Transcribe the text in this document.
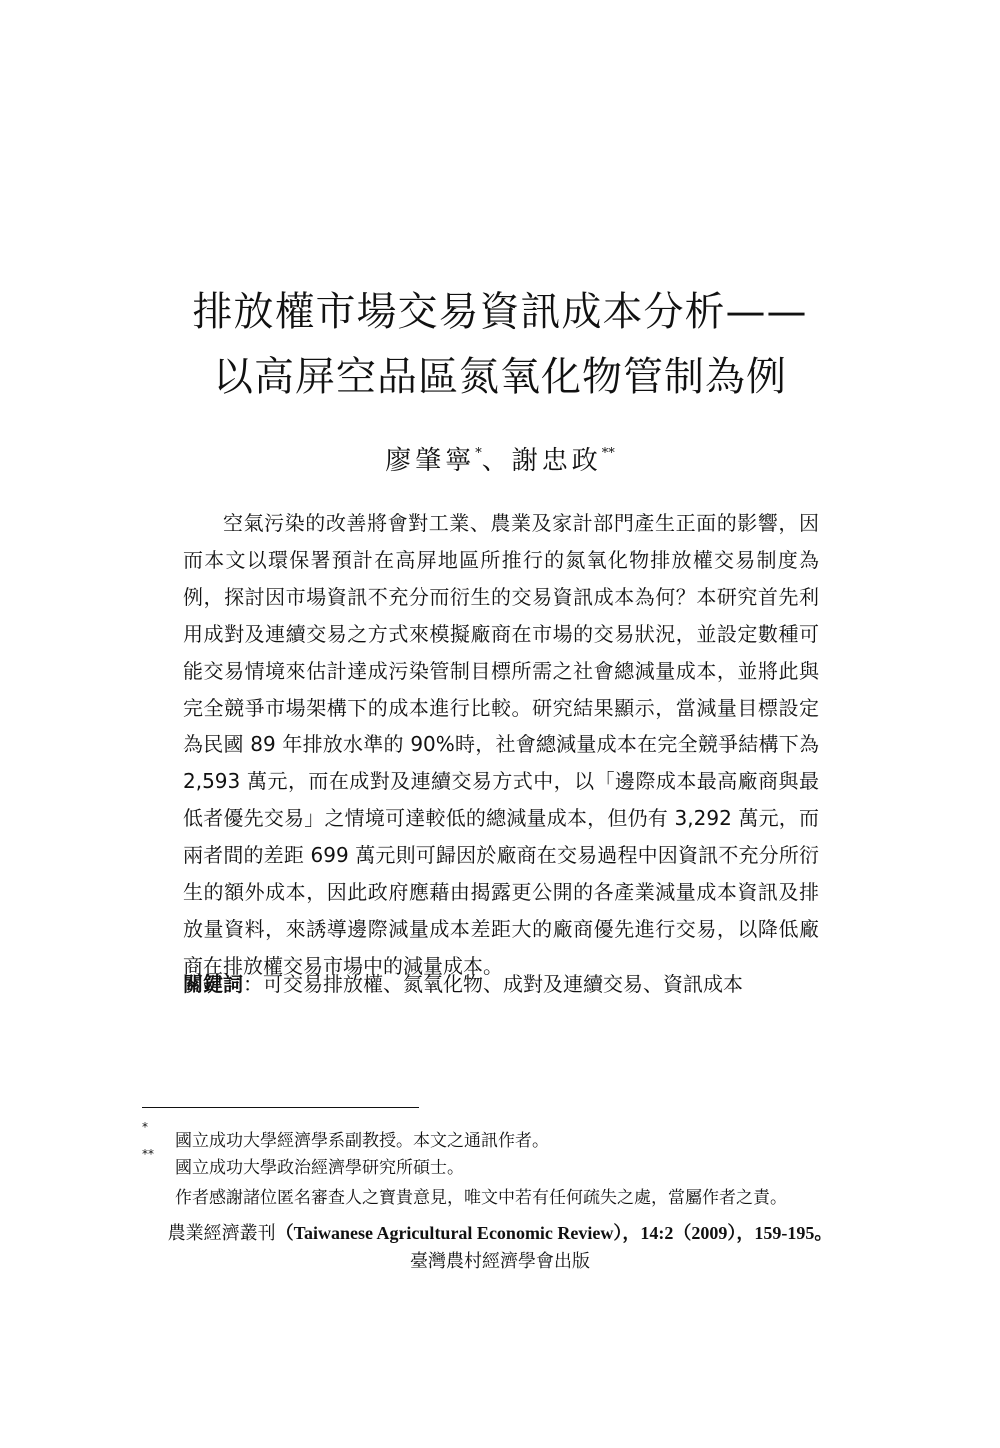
排放權市場交易資訊成本分析——
以高屏空品區氮氧化物管制為例
廖肇寧*、謝忠政**
空氣污染的改善將會對工業、農業及家計部門產生正面的影響，因而本文以環保署預計在高屏地區所推行的氮氧化物排放權交易制度為例，探討因市場資訊不充分而衍生的交易資訊成本為何？本研究首先利用成對及連續交易之方式來模擬廠商在市場的交易狀況，並設定數種可能交易情境來估計達成污染管制目標所需之社會總減量成本，並將此與完全競爭市場架構下的成本進行比較。研究結果顯示，當減量目標設定為民國 89 年排放水準的 90%時，社會總減量成本在完全競爭結構下為 2,593 萬元，而在成對及連續交易方式中，以「邊際成本最高廠商與最低者優先交易」之情境可達較低的總減量成本，但仍有 3,292 萬元，而兩者間的差距 699 萬元則可歸因於廠商在交易過程中因資訊不充分所衍生的額外成本，因此政府應藉由揭露更公開的各產業減量成本資訊及排放量資料，來誘導邊際減量成本差距大的廠商優先進行交易，以降低廠商在排放權交易市場中的減量成本。
關鍵詞：可交易排放權、氮氧化物、成對及連續交易、資訊成本
*
國立成功大學經濟學系副教授。本文之通訊作者。
**
國立成功大學政治經濟學研究所碩士。
作者感謝諸位匿名審查人之寶貴意見，唯文中若有任何疏失之處，當屬作者之責。
農業經濟叢刊（Taiwanese Agricultural Economic Review），14:2（2009），159-195。
臺灣農村經濟學會出版
